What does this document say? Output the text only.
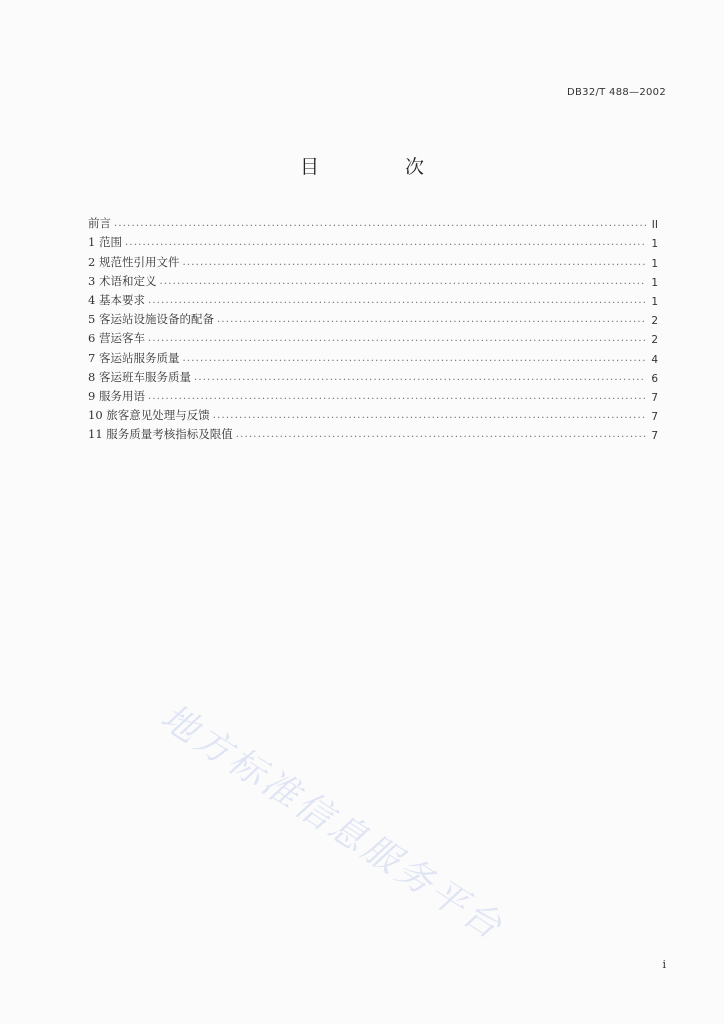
DB32/T 488—2002
目 次
前言 .....	II
1 范围 .....	1
2 规范性引用文件 .....	1
3 术语和定义 .....	1
4 基本要求 .....	1
5 客运站设施设备的配备 .....	2
6 营运客车 .....	2
7 客运站服务质量 .....	4
8 客运班车服务质量 .....	6
9 服务用语 .....	7
10 旅客意见处理与反馈 .....	7
11 服务质量考核指标及限值 .....	7
地方标准信息服务平台
i
